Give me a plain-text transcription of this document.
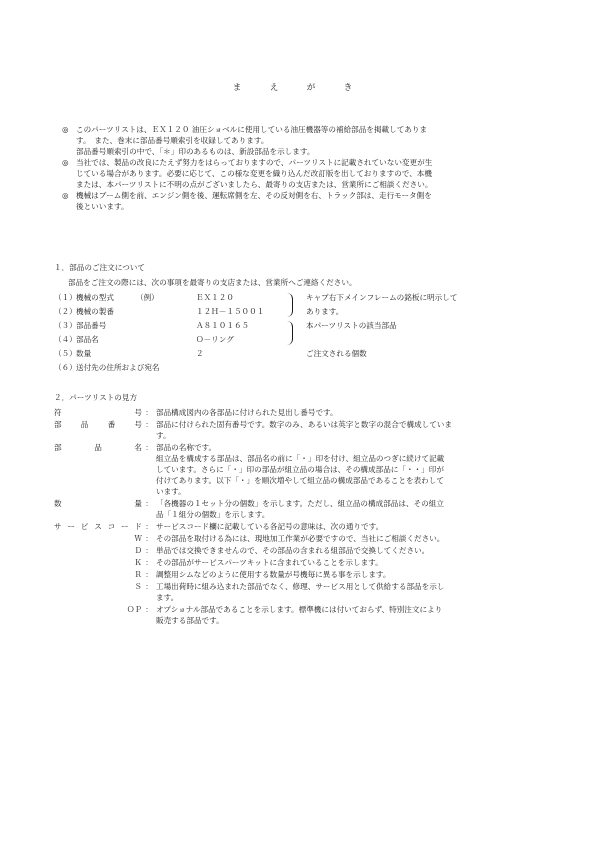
ま　え　が　き
◎ このパーツリストは、ＥＸ１２０ 油圧ショベルに使用している油圧機器等の補給部品を掲載してありま

す。　また、巻末に部品番号順索引を収録してあります。

部品番号順索引の中で、「＊」印のあるものは、新設部品を示します。

◎ 当社では、製品の改良にたえず努力をはらっておりますので、パーツリストに記載されていない変更が生

じている場合があります。必要に応じて、この様な変更を織り込んだ改訂版を出しておりますので、本機

または、本パーツリストに不明の点がございましたら、最寄りの支店または、営業所にご相談ください。

◎ 機械はブーム側を前、エンジン側を後、運転席側を左、その反対側を右、トラック部は、走行モータ側を

後といいます。

１．部品のご注文について

部品をご注文の際には、次の事項を最寄りの支店または、営業所へご連絡ください。

（１） 機械の型式	（例）	ＥＸ１２０	キャブ右下メインフレームの銘板に明示して
（２） 機械の製番	１２Ｈ－１５００１	あります。
（３） 部品番号	Ａ８１０１６５	本パーツリストの該当部品
（４） 部品名	Ｏ－リング
（５） 数量	２	ご注文される個数
（６） 送付先の住所および宛名

２．パーツリストの見方

符　　号 ： 部品構成図内の各部品に付けられた見出し番号です。

部　品　番　号 ： 部品に付けられた固有番号です。数字のみ、あるいは英字と数字の混合で構成していま

す。

部　　品　　名 ： 部品の名称です。

組立品を構成する部品は、部品名の前に「・」印を付け、組立品のつぎに続けて記載

しています。さらに「・」印の部品が組立品の場合は、その構成部品に「・・」印が

付けてあります。以下「・」を順次増やして組立品の構成部品であることを表わして

います。

数　　　　量 ： 「各機器の１セット分の個数」を示します。ただし、組立品の構成部品は、その組立

品「１組分の個数」を示します。

サービスコード ： サービスコード欄に記載している各記号の意味は、次の通りです。

Ｗ ： その部品を取付ける為には、現地加工作業が必要ですので、当社にご相談ください。

Ｄ ： 単品では交換できませんので、その部品の含まれる組部品で交換してください。

Ｋ ： その部品がサービスパーツキットに含まれていることを示します。

Ｒ ： 調整用シムなどのように使用する数量が号機毎に異る事を示します。

Ｓ ： 工場出荷時に組み込まれた部品でなく、修理、サービス用として供給する部品を示し

ます。

ＯＰ ： オプショナル部品であることを示します。標準機には付いておらず、特別注文により

販売する部品です。
